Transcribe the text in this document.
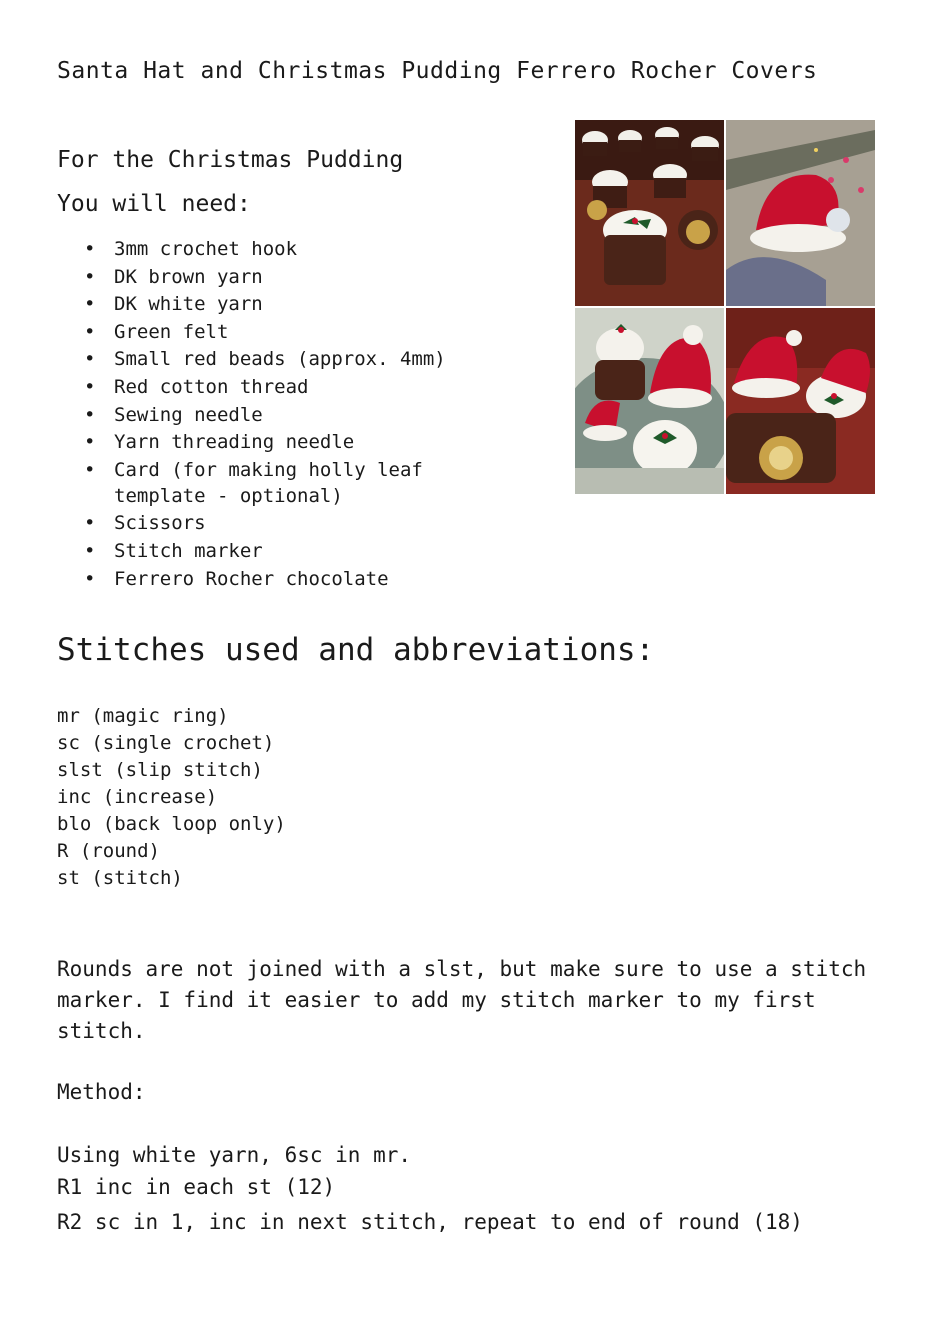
Santa Hat and Christmas Pudding Ferrero Rocher Covers
For the Christmas Pudding
You will need:
• 3mm crochet hook
• DK brown yarn
• DK white yarn
• Green felt
• Small red beads (approx. 4mm)
• Red cotton thread
• Sewing needle
• Yarn threading needle
• Card (for making holly leaf template - optional)
• Scissors
• Stitch marker
• Ferrero Rocher chocolate
Stitches used and abbreviations:
mr (magic ring)
sc (single crochet)
slst (slip stitch)
inc (increase)
blo (back loop only)
R (round)
st (stitch)

Rounds are not joined with a slst, but make sure to use a stitch marker. I find it easier to add my stitch marker to my first stitch.

Method:
Using white yarn, 6sc in mr.
R1 inc in each st (12)

R2 sc in 1, inc in next stitch, repeat to end of round (18)
